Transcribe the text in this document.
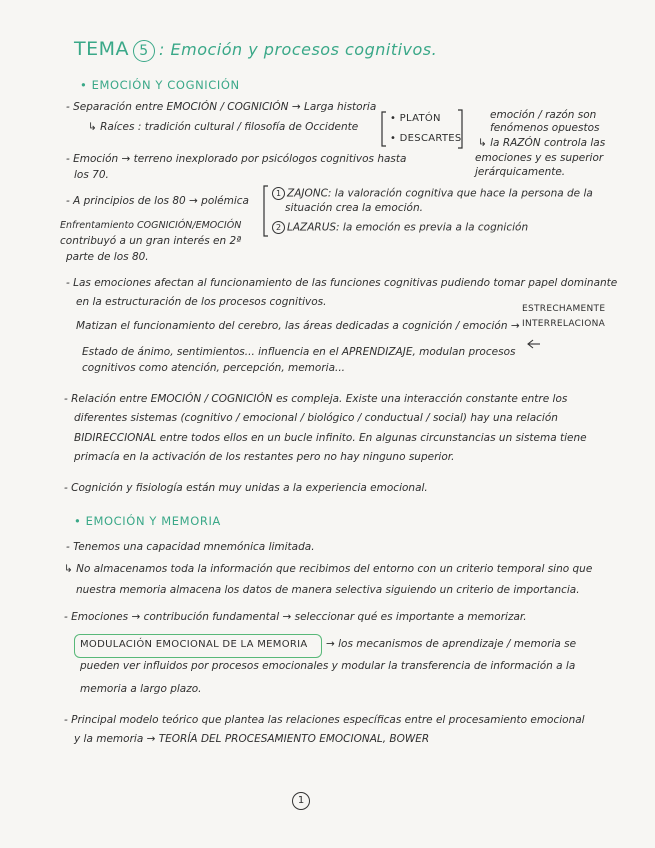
TEMA 5 : Emoción y procesos cognitivos.
• EMOCIÓN Y COGNICIÓN
- Separación entre EMOCIÓN / COGNICIÓN → Larga historia
↳ Raíces : tradición cultural / filosofía de Occidente
• PLATÓN
• DESCARTES
emoción / razón son
fenómenos opuestos
↳ la RAZÓN controla las
emociones y es superior
jerárquicamente.
- Emoción → terreno inexplorado por psicólogos cognitivos hasta
los 70.
- A principios de los 80 → polémica
1 ZAJONC: la valoración cognitiva que hace la persona de la
situación crea la emoción.
Enfrentamiento COGNICIÓN/EMOCIÓN	2 LAZARUS: la emoción es previa a la cognición
contribuyó a un gran interés en 2ª
parte de los 80.
- Las emociones afectan al funcionamiento de las funciones cognitivas pudiendo tomar papel dominante
en la estructuración de los procesos cognitivos.
Matizan el funcionamiento del cerebro, las áreas dedicadas a cognición / emoción →
ESTRECHAMENTE
INTERRELACIONA
Estado de ánimo, sentimientos... influencia en el APRENDIZAJE, modulan procesos
cognitivos como atención, percepción, memoria...
- Relación entre EMOCIÓN / COGNICIÓN es compleja. Existe una interacción constante entre los
diferentes sistemas (cognitivo / emocional / biológico / conductual / social) hay una relación
BIDIRECCIONAL entre todos ellos en un bucle infinito. En algunas circunstancias un sistema tiene
primacía en la activación de los restantes pero no hay ninguno superior.
- Cognición y fisiología están muy unidas a la experiencia emocional.
• EMOCIÓN Y MEMORIA
- Tenemos una capacidad mnemónica limitada.
↳ No almacenamos toda la información que recibimos del entorno con un criterio temporal sino que
nuestra memoria almacena los datos de manera selectiva siguiendo un criterio de importancia.
- Emociones → contribución fundamental → seleccionar qué es importante a memorizar.
MODULACIÓN EMOCIONAL DE LA MEMORIA → los mecanismos de aprendizaje / memoria se
pueden ver influidos por procesos emocionales y modular la transferencia de información a la
memoria a largo plazo.
- Principal modelo teórico que plantea las relaciones específicas entre el procesamiento emocional
y la memoria → TEORÍA DEL PROCESAMIENTO EMOCIONAL, BOWER
1
